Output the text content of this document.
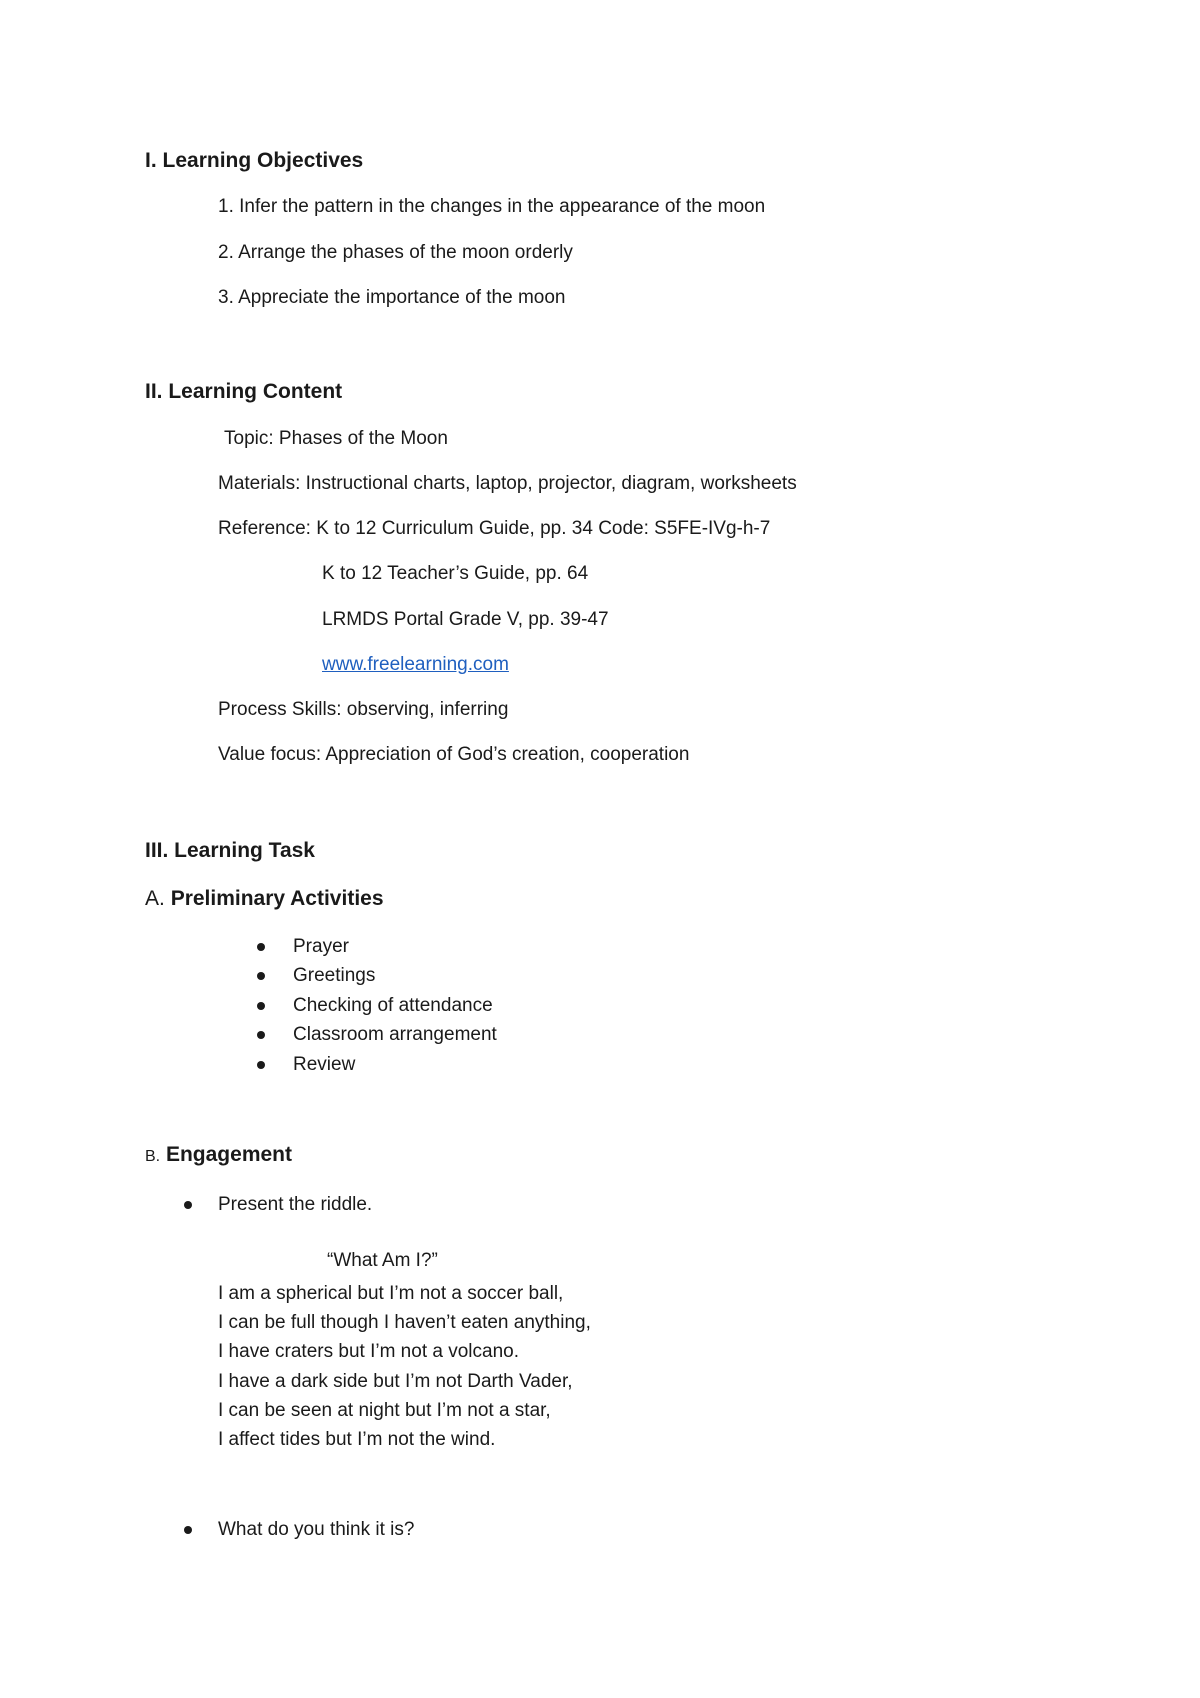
I. Learning Objectives

1. Infer the pattern in the changes in the appearance of the moon

2. Arrange the phases of the moon orderly

3. Appreciate the importance of the moon

II. Learning Content

Topic: Phases of the Moon

Materials: Instructional charts, laptop, projector, diagram, worksheets

Reference: K to 12 Curriculum Guide, pp. 34 Code: S5FE-IVg-h-7

K to 12 Teacher’s Guide, pp. 64

LRMDS Portal Grade V, pp. 39-47

www.freelearning.com

Process Skills: observing, inferring

Value focus: Appreciation of God’s creation, cooperation

III. Learning Task

A. Preliminary Activities

Prayer
Greetings
Checking of attendance
Classroom arrangement
Review

B. Engagement

Present the riddle.

“What Am I?”

I am a spherical but I’m not a soccer ball,
I can be full though I haven’t eaten anything,
I have craters but I’m not a volcano.
I have a dark side but I’m not Darth Vader,
I can be seen at night but I’m not a star,
I affect tides but I’m not the wind.
What do you think it is?
